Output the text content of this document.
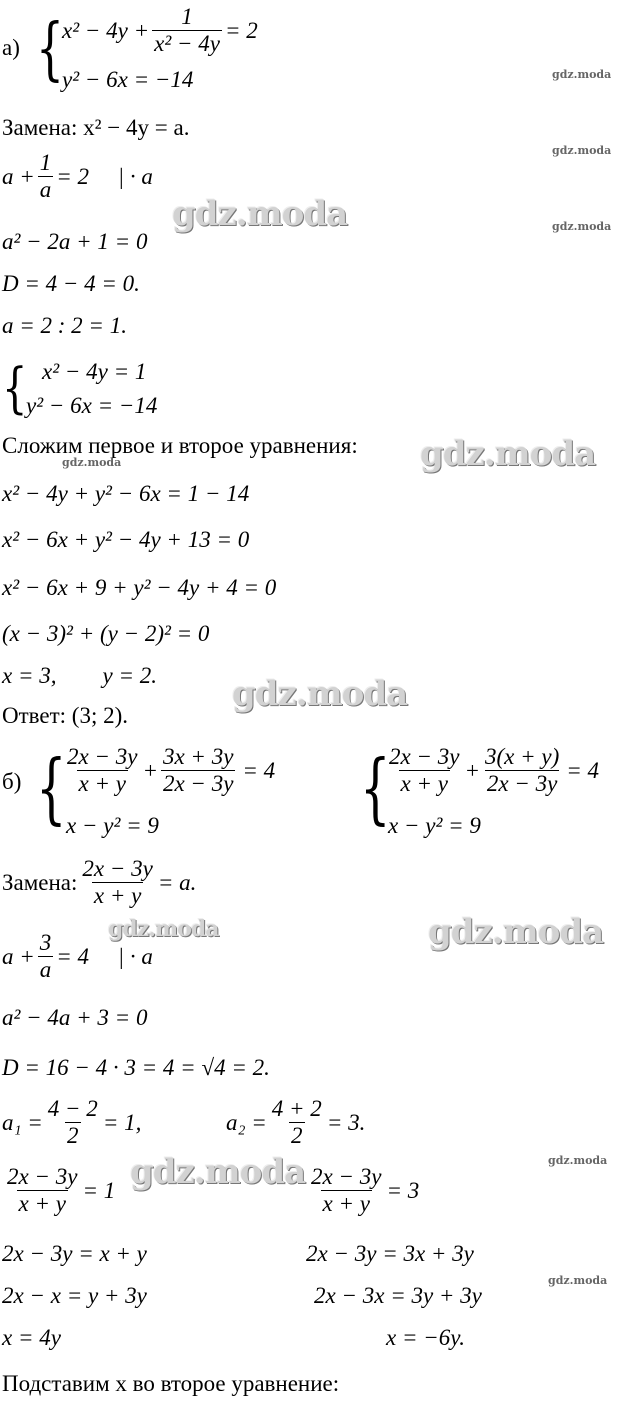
а) {
$x^2 - 4y + \frac{1}{\text{x² − 4y}} = 2$
y² − 6x = −14
Замена: x² − 4y = a.
$a + \frac{1}{a} = 2$     | · a
a² − 2a + 1 = 0
D = 4 − 4 = 0.
a = 2 : 2 = 1.
{ x² − 4y = 1
y² − 6x = −14
Сложим первое и второе уравнения:
x² − 4y + y² − 6x = 1 − 14
x² − 6x + y² − 4y + 13 = 0
x² − 6x + 9 + y² − 4y + 4 = 0
(x − 3)² + (y − 2)² = 0
x = 3,        y = 2.
Ответ: (3; 2).
б) {
$\frac{2x - 3y}{x + y} + \frac{3x + 3y}{2x - 3y} = 4$
x − y² = 9	{
$\frac{2x - 3y}{x + y} + \frac{3(x + y)}{2x - 3y} = 4$
x − y² = 9
Замена: $\frac{2x - 3y}{x + y} = a$.
$a + \frac{3}{a} = 4$     | · a
a² − 4a + 3 = 0
D = 16 − 4 · 3 = 4 = √4 = 2.
$a_1 = \frac{4 - 2}{2} = 1$,	$a_2 = \frac{4 + 2}{2} = 3$.
$\frac{2x - 3y}{x + y} = 1$	$\frac{2x - 3y}{x + y} = 3$
2x − 3y = x + y
2x − x = y + 3y
x = 4y
2x − 3y = 3x + 3y
2x − 3x = 3y + 3y
x = −6y.
Подставим x во второе уравнение:
gdz.moda
gdz.moda
gdz.moda
gdz.moda
gdz.moda
gdz.moda
gdz.moda
gdz.moda
gdz.moda
gdz.moda
gdz.moda
gdz.moda
